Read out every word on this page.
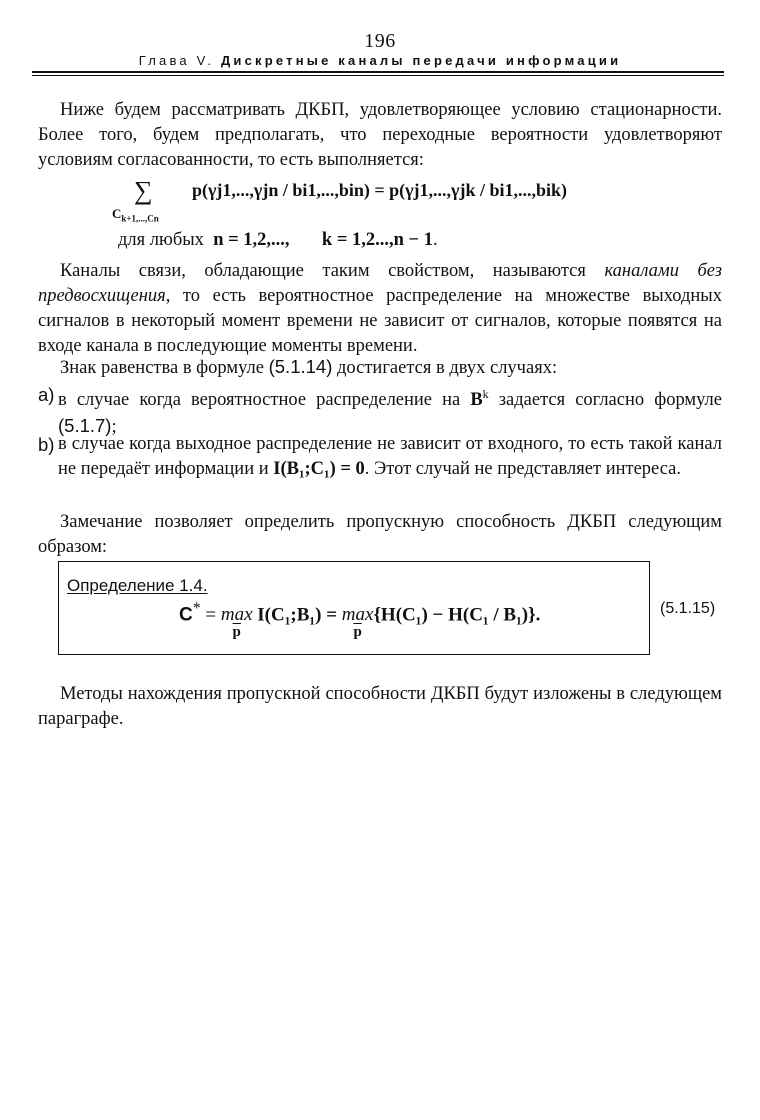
196
Глава V. Дискретные каналы передачи информации

Ниже будем рассматривать ДКБП, удовлетворяющее условию стационарности. Более того, будем предполагать, что переходные вероятности удовлетворяют условиям согласованности, то есть выполняется:

∑
$C_{k+1,...,Cn}$
p(γj1,...,γjn / bi1,...,bin) = p(γj1,...,γjk / bi1,...,bik)
для любых n = 1,2,..., k = 1,2...,n − 1.

Каналы связи, обладающие таким свойством, называются каналами без предвосхищения, то есть вероятностное распределение на множестве выходных сигналов в некоторый момент времени не зависит от сигналов, которые появятся на входе канала в последующие моменты времени.

Знак равенства в формуле (5.1.14) достигается в двух случаях:

a) в случае когда вероятностное распределение на $B^k$ задается согласно формуле (5.1.7);

b) в случае когда выходное распределение не зависит от входного, то есть такой канал не передаёт информации и I(B₁;C₁) = 0. Этот случай не представляет интереса.

Замечание позволяет определить пропускную способность ДКБП следующим образом:

Определение 1.4.
C* = max
$\overline{p}$
I(C₁;B₁) = max
$\overline{p}$
{H(C₁) − H(C₁ / B₁)}.	(5.1.15)

Методы нахождения пропускной способности ДКБП будут изложены в следующем параграфе.
